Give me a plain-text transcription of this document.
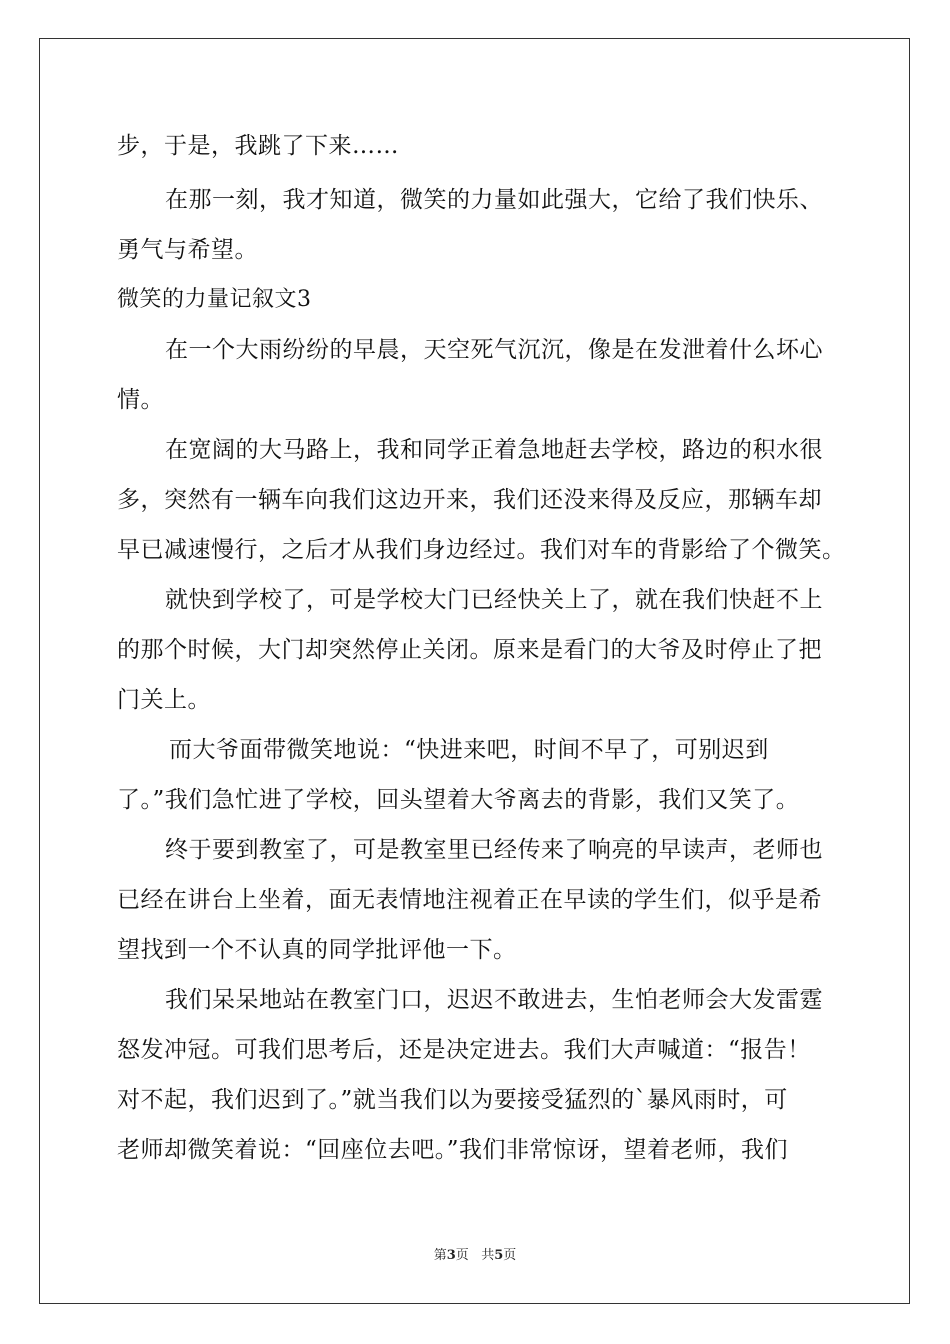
步，于是，我跳了下来……
在那一刻，我才知道，微笑的力量如此强大，它给了我们快乐、
勇气与希望。
微笑的力量记叙文3
在一个大雨纷纷的早晨，天空死气沉沉，像是在发泄着什么坏心
情。
在宽阔的大马路上，我和同学正着急地赶去学校，路边的积水很
多，突然有一辆车向我们这边开来，我们还没来得及反应，那辆车却
早已减速慢行，之后才从我们身边经过。我们对车的背影给了个微笑。
就快到学校了，可是学校大门已经快关上了，就在我们快赶不上
的那个时候，大门却突然停止关闭。原来是看门的大爷及时停止了把
门关上。
而大爷面带微笑地说：“快进来吧，时间不早了，可别迟到
了。”我们急忙进了学校，回头望着大爷离去的背影，我们又笑了。
终于要到教室了，可是教室里已经传来了响亮的早读声，老师也
已经在讲台上坐着，面无表情地注视着正在早读的学生们，似乎是希
望找到一个不认真的同学批评他一下。
我们呆呆地站在教室门口，迟迟不敢进去，生怕老师会大发雷霆
怒发冲冠。可我们思考后，还是决定进去。我们大声喊道：“报告！
对不起，我们迟到了。”就当我们以为要接受猛烈的`暴风雨时，可
老师却微笑着说：“回座位去吧。”我们非常惊讶，望着老师，我们
第3页   共5页
